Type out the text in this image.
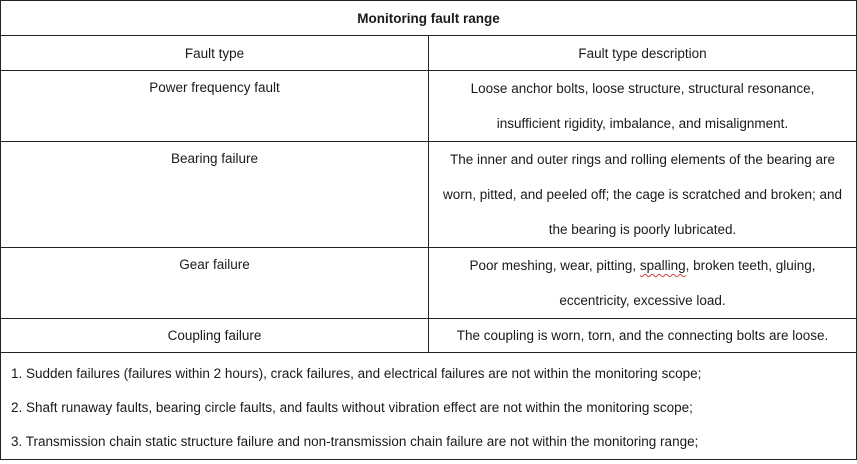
Monitoring fault range	
Fault type	Fault type description
Power frequency fault	Loose anchor bolts, loose structure, structural resonance,
insufficient rigidity, imbalance, and misalignment.

Bearing failure	The inner and outer rings and rolling elements of the bearing are
worn, pitted, and peeled off; the cage is scratched and broken; and
the bearing is poorly lubricated.

Gear failure	Poor meshing, wear, pitting, spalling, broken teeth, gluing,
eccentricity, excessive load.

Coupling failure	The coupling is worn, torn, and the connecting bolts are loose.

1. Sudden failures (failures within 2 hours), crack failures, and electrical failures are not within the monitoring scope;
2. Shaft runaway faults, bearing circle faults, and faults without vibration effect are not within the monitoring scope;
3. Transmission chain static structure failure and non-transmission chain failure are not within the monitoring range;	
